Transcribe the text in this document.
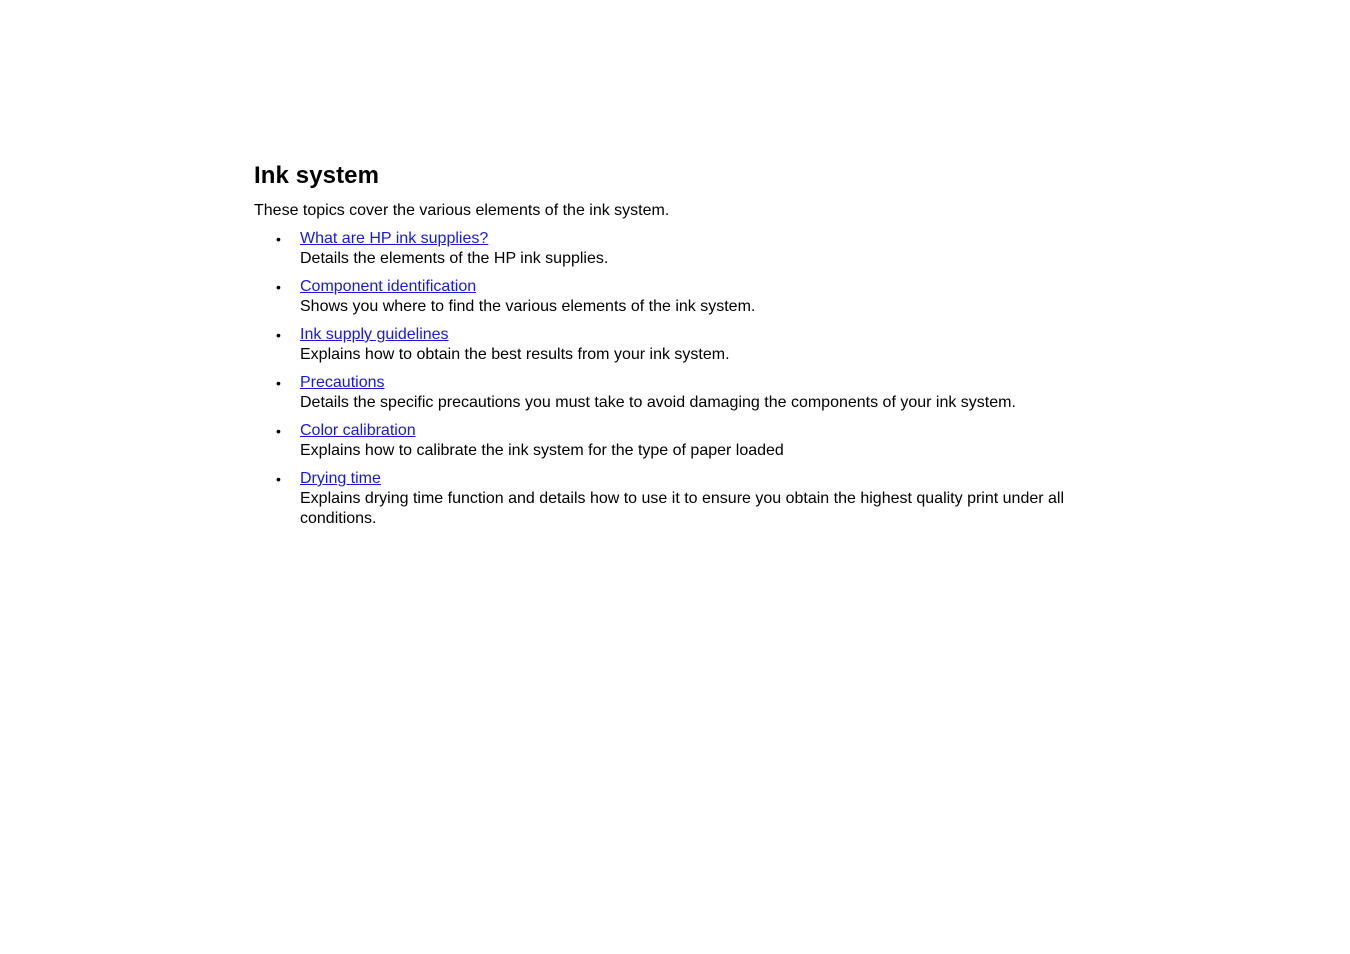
Ink system

These topics cover the various elements of the ink system.

• What are HP ink supplies?
Details the elements of the HP ink supplies.
• Component identification
Shows you where to find the various elements of the ink system.
• Ink supply guidelines
Explains how to obtain the best results from your ink system.
• Precautions
Details the specific precautions you must take to avoid damaging the components of your ink system.
• Color calibration
Explains how to calibrate the ink system for the type of paper loaded
• Drying time
Explains drying time function and details how to use it to ensure you obtain the highest quality print under all conditions.
